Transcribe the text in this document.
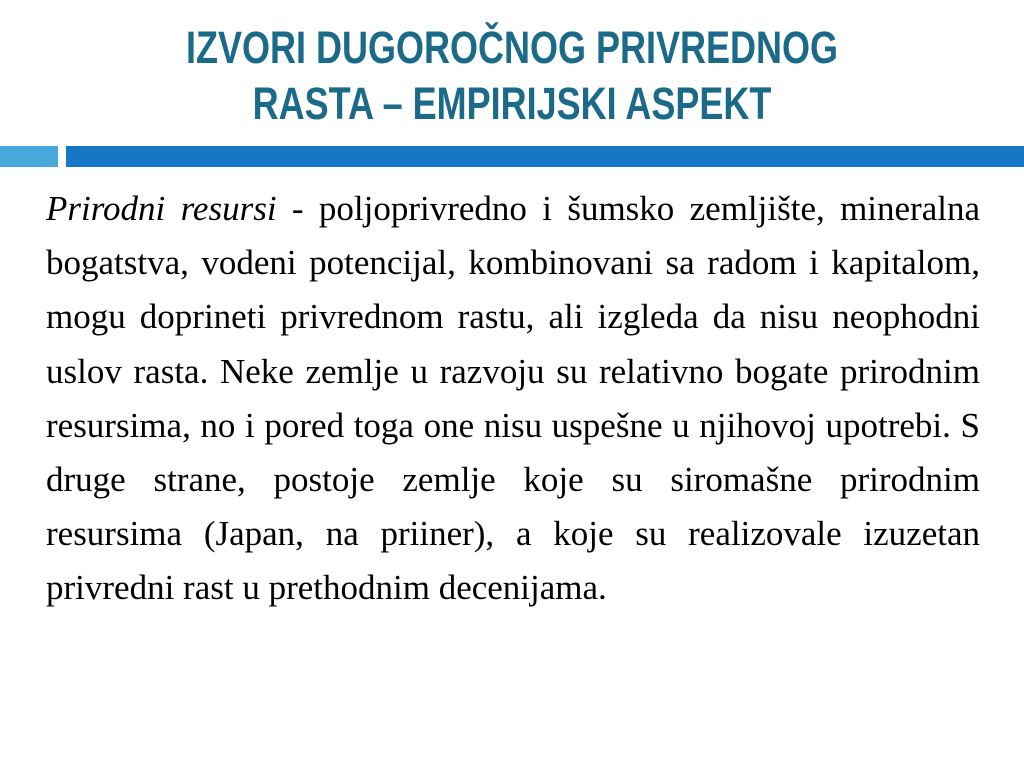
IZVORI DUGOROČNOG PRIVREDNOG
RASTA – EMPIRIJSKI ASPEKT
Prirodni resursi - poljoprivredno i šumsko zemljište, mineralna bogatstva, vodeni potencijal, kombinovani sa radom i kapitalom, mogu doprineti privrednom rastu, ali izgleda da nisu neophodni uslov rasta. Neke zemlje u razvoju su relativno bogate prirodnim resursima, no i pored toga one nisu uspešne u njihovoj upotrebi. S druge strane, postoje zemlje koje su siromašne prirodnim resursima (Japan, na priiner), a koje su realizovale izuzetan privredni rast u prethodnim decenijama.
